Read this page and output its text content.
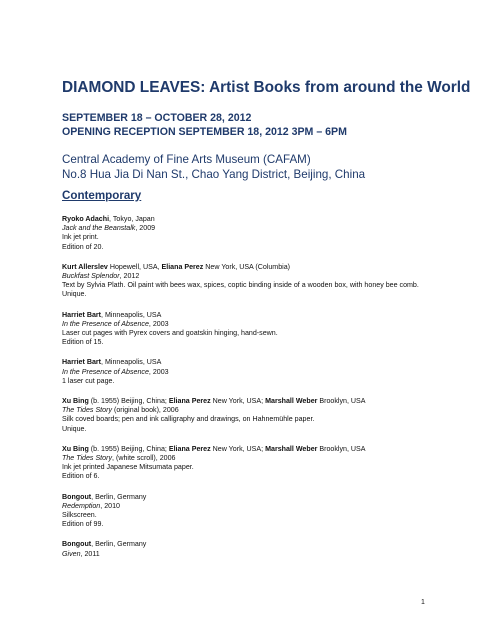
DIAMOND LEAVES: Artist Books from around the World
SEPTEMBER 18 – OCTOBER 28, 2012
OPENING RECEPTION SEPTEMBER 18, 2012 3PM – 6PM
Central Academy of Fine Arts Museum (CAFAM)
No.8 Hua Jia Di Nan St., Chao Yang District, Beijing, China
Contemporary
Ryoko Adachi, Tokyo, Japan
Jack and the Beanstalk, 2009
Ink jet print.
Edition of 20.
Kurt Allerslev Hopewell, USA, Eliana Perez New York, USA (Columbia)
Buckfast Splendor, 2012
Text by Sylvia Plath. Oil paint with bees wax, spices, coptic binding inside of a wooden box, with honey bee comb.
Unique.
Harriet Bart, Minneapolis, USA
In the Presence of Absence, 2003
Laser cut pages with Pyrex covers and goatskin hinging, hand-sewn.
Edition of 15.
Harriet Bart, Minneapolis, USA
In the Presence of Absence, 2003
1 laser cut page.
Xu Bing (b. 1955) Beijing, China; Eliana Perez New York, USA; Marshall Weber Brooklyn, USA
The Tides Story (original book), 2006
Silk coved boards; pen and ink calligraphy and drawings, on Hahnemühle paper.
Unique.
Xu Bing (b. 1955) Beijing, China; Eliana Perez New York, USA; Marshall Weber Brooklyn, USA
The Tides Story, (white scroll), 2006
Ink jet printed Japanese Mitsumata paper.
Edition of 6.
Bongout, Berlin, Germany
Redemption, 2010
Silkscreen.
Edition of 99.
Bongout, Berlin, Germany
Given, 2011
1
